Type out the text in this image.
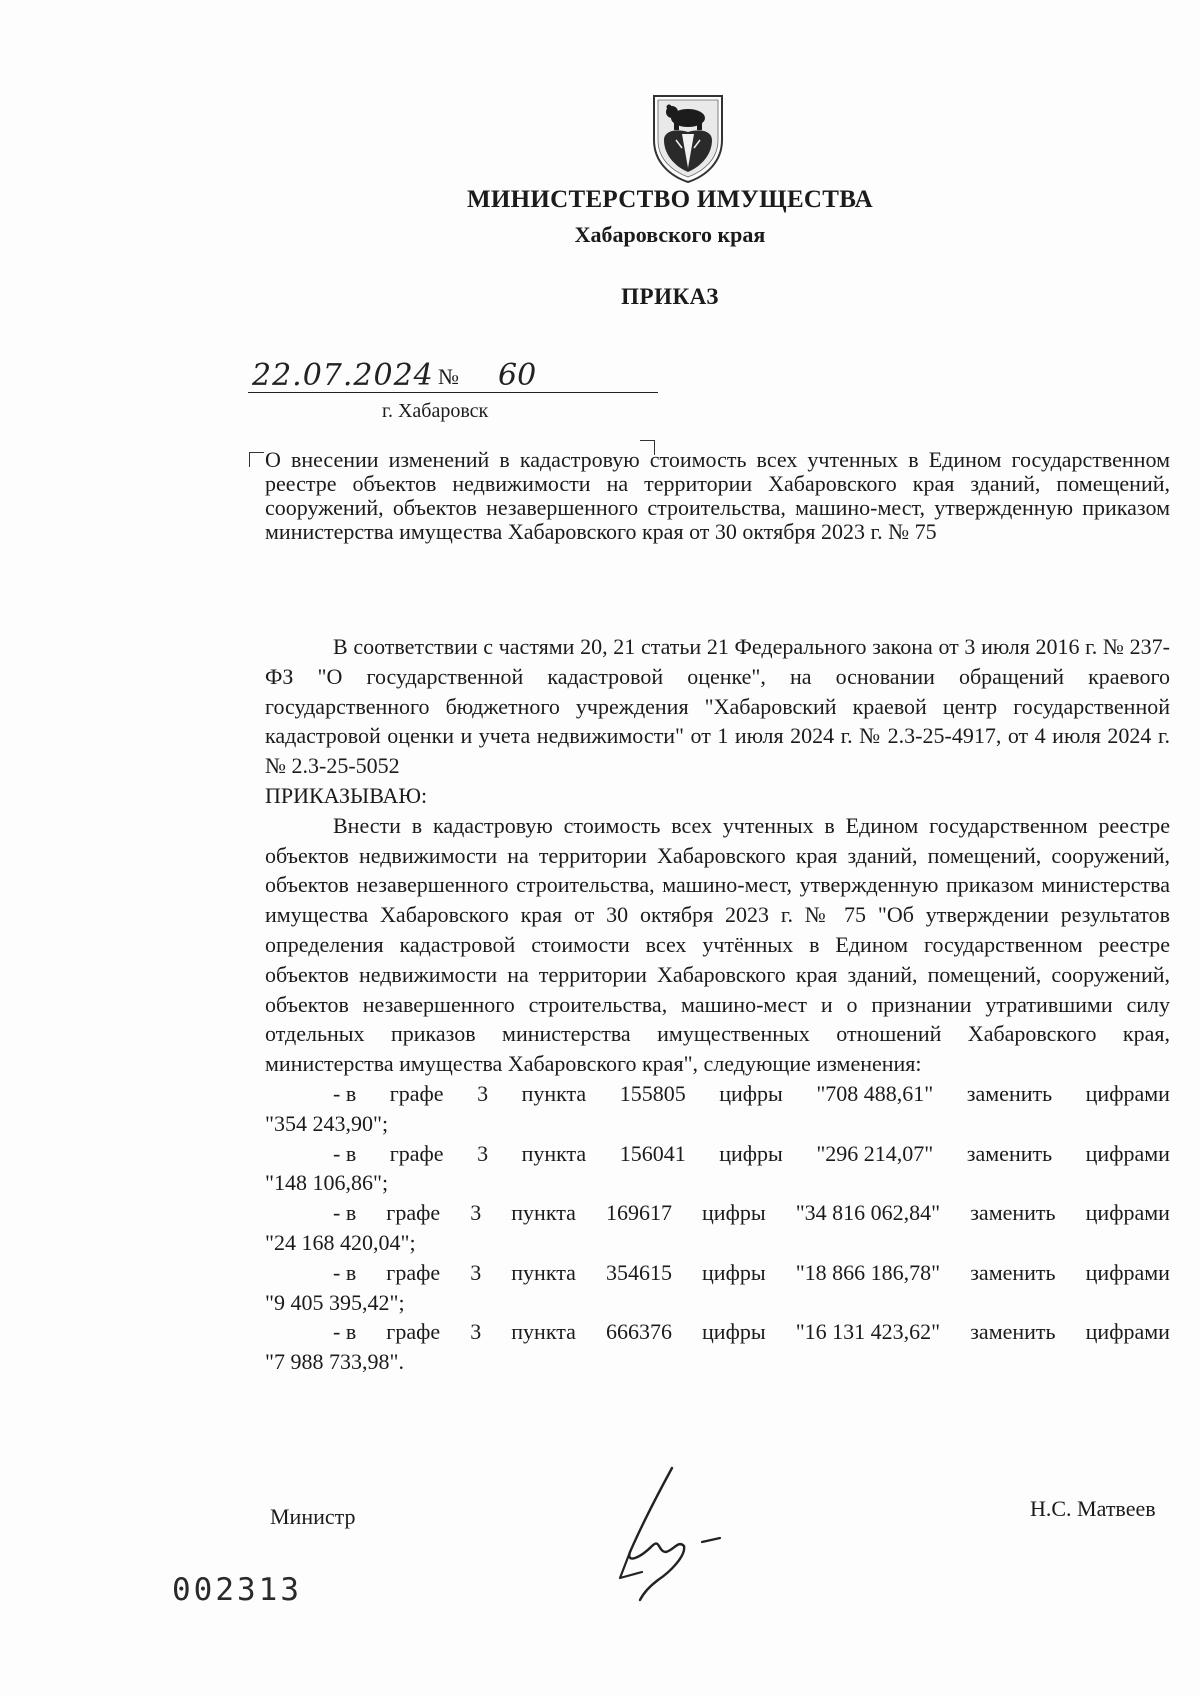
МИНИСТЕРСТВО ИМУЩЕСТВА
Хабаровского края
ПРИКАЗ
22.07.2024 № 60
г. Хабаровск
О внесении изменений в кадастровую стоимость всех учтенных в Едином государственном реестре объектов недвижимости на территории Хабаровского края зданий, помещений, сооружений, объектов незавершенного строительства, машино-мест, утвержденную приказом министерства имущества Хабаровского края от 30 октября 2023 г. № 75

В соответствии с частями 20, 21 статьи 21 Федерального закона от 3 июля 2016 г. № 237-ФЗ "О государственной кадастровой оценке", на основании обращений краевого государственного бюджетного учреждения "Хабаровский краевой центр государственной кадастровой оценки и учета недвижимости" от 1 июля 2024 г. № 2.3-25-4917, от 4 июля 2024 г. № 2.3-25-5052

ПРИКАЗЫВАЮ:

Внести в кадастровую стоимость всех учтенных в Едином государственном реестре объектов недвижимости на территории Хабаровского края зданий, помещений, сооружений, объектов незавершенного строительства, машино-мест, утвержденную приказом министерства имущества Хабаровского края от 30 октября 2023 г. № 75 "Об утверждении результатов определения кадастровой стоимости всех учтённых в Едином государственном реестре объектов недвижимости на территории Хабаровского края зданий, помещений, сооружений, объектов незавершенного строительства, машино-мест и о признании утратившими силу отдельных приказов министерства имущественных отношений Хабаровского края, министерства имущества Хабаровского края", следующие изменения:

- в графе 3 пункта 155805 цифры "708 488,61" заменить цифрами
"354 243,90";
- в графе 3 пункта 156041 цифры "296 214,07" заменить цифрами
"148 106,86";
- в графе 3 пункта 169617 цифры "34 816 062,84" заменить цифрами
"24 168 420,04";
- в графе 3 пункта 354615 цифры "18 866 186,78" заменить цифрами
"9 405 395,42";
- в графе 3 пункта 666376 цифры "16 131 423,62" заменить цифрами
"7 988 733,98".
Министр	Н.С. Матвеев
002313
